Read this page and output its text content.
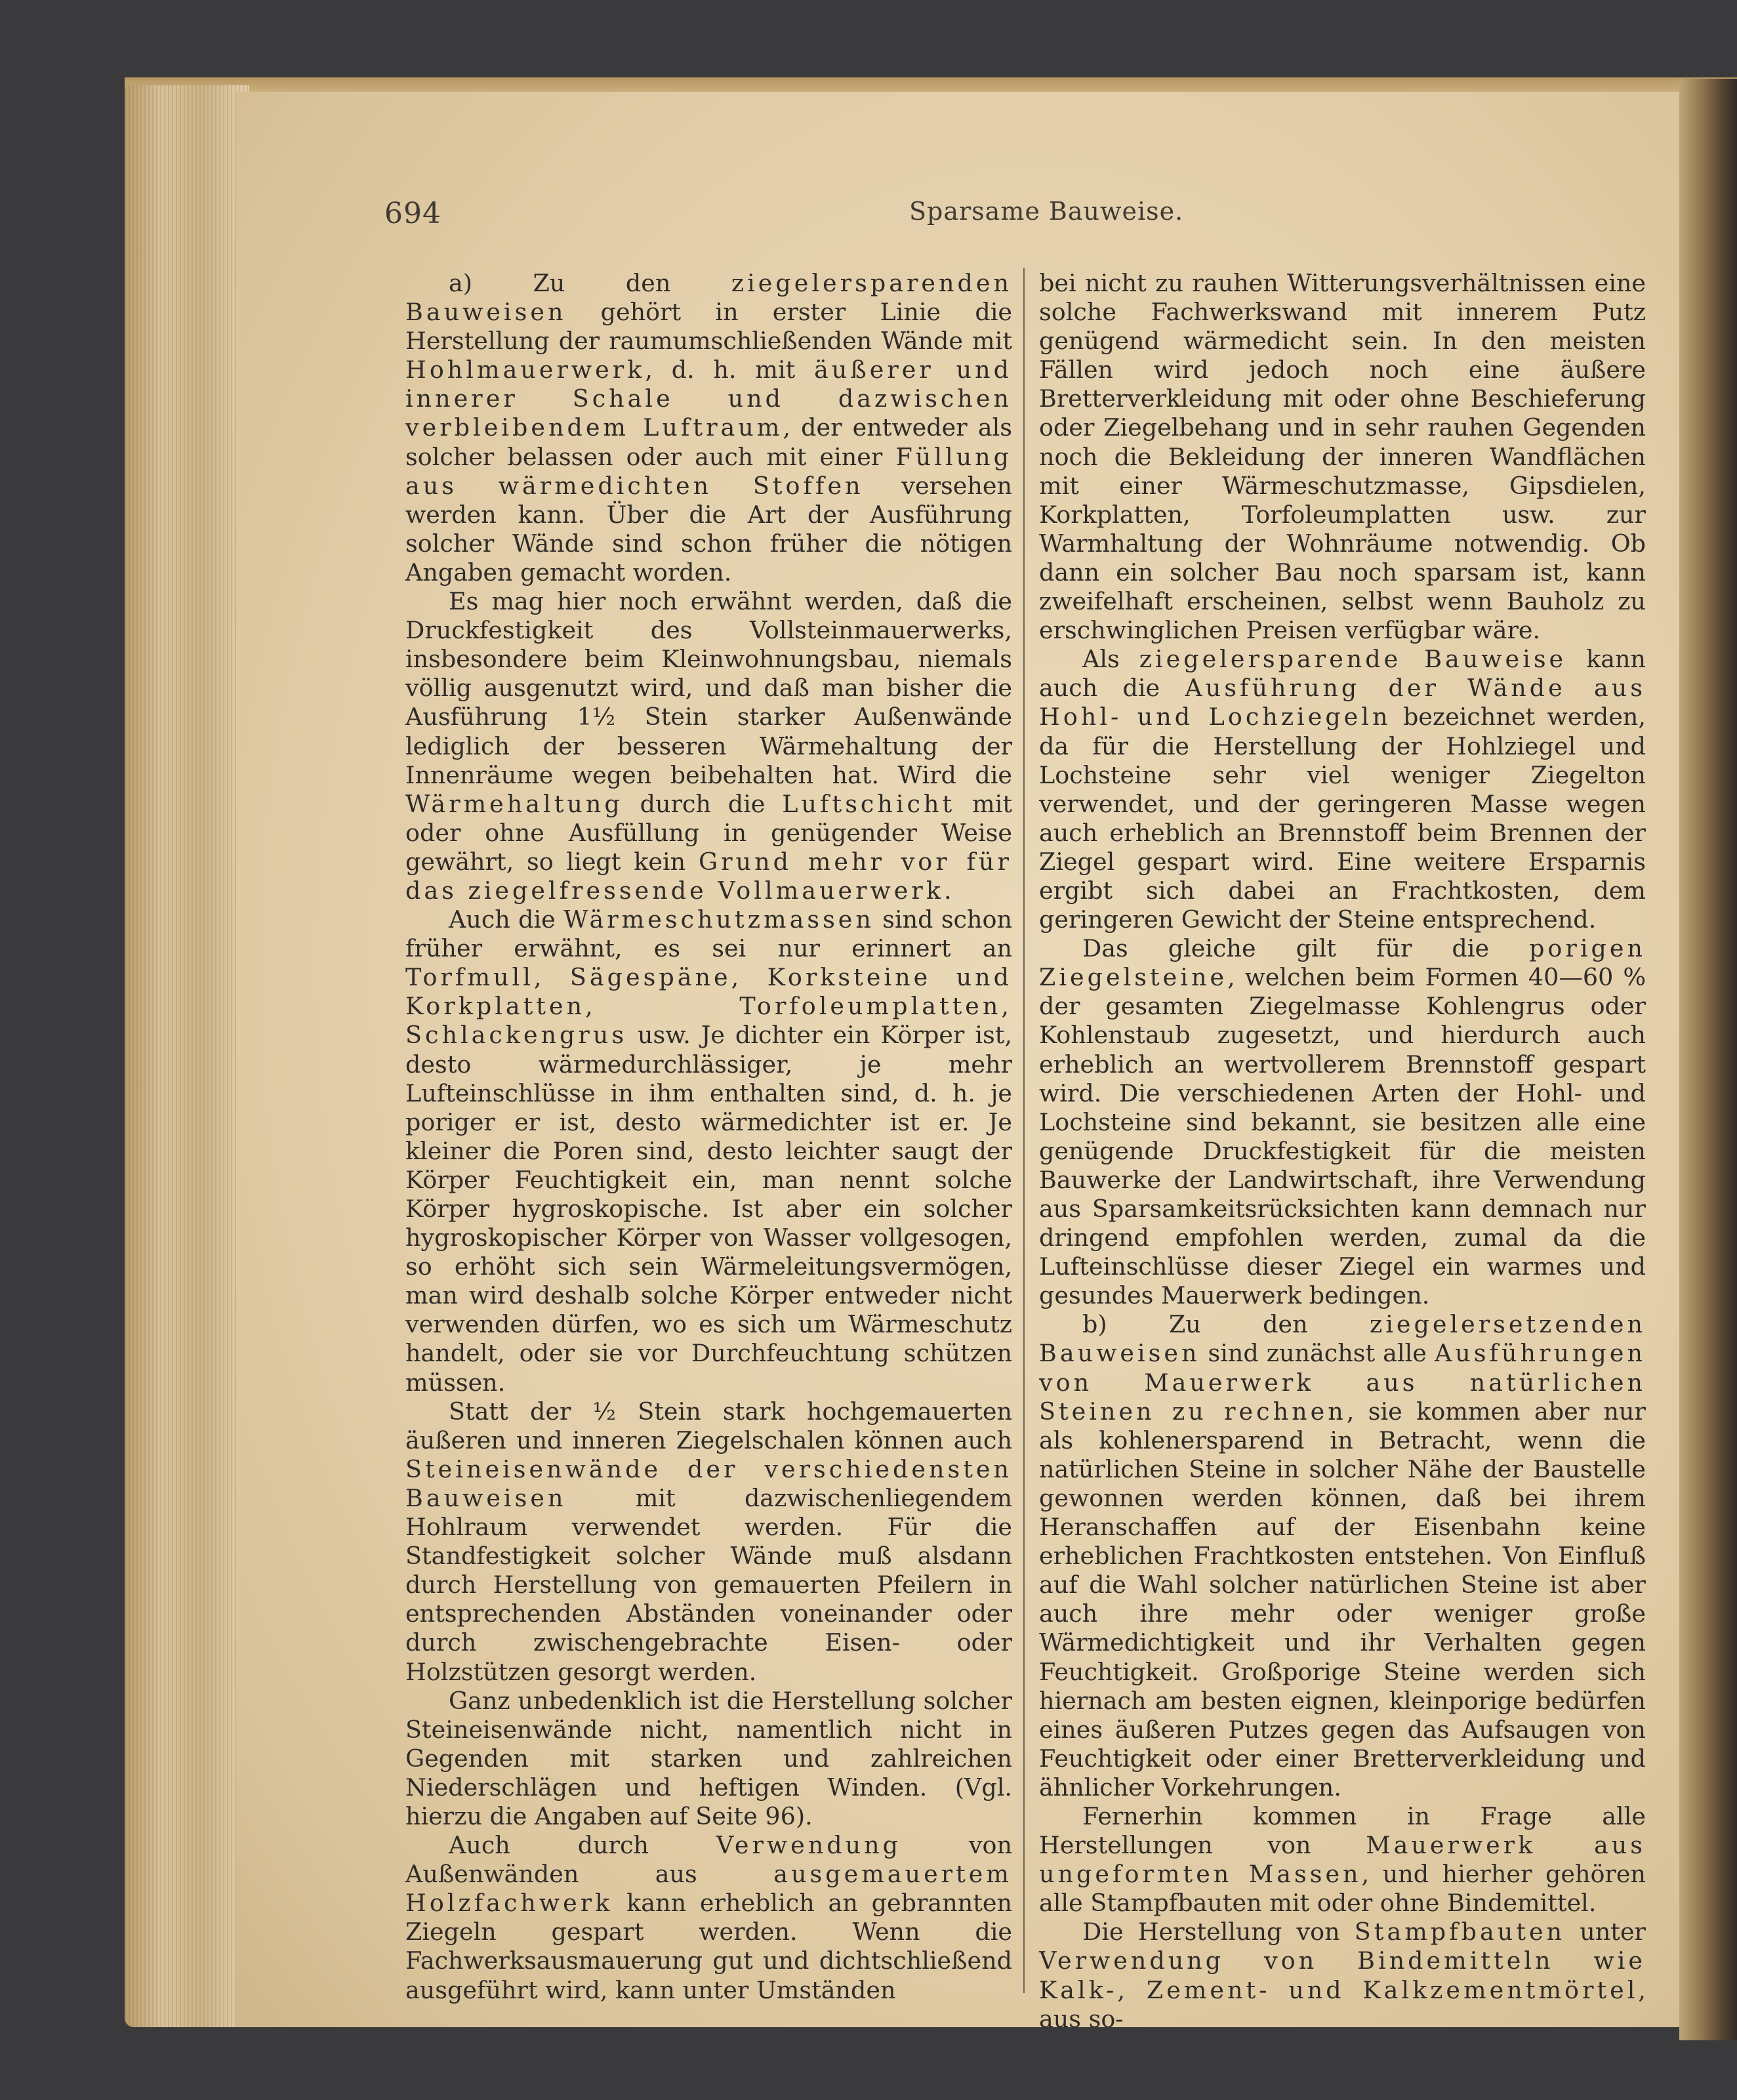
694	Sparsame Bauweise.

a) Zu den ziegelersparenden Bauweisen gehört in erster Linie die Herstellung der raumumschließenden Wände mit Hohlmauerwerk, d. h. mit äußerer und innerer Schale und dazwischen verbleibendem Luftraum, der entweder als solcher belassen oder auch mit einer Füllung aus wärmedichten Stoffen versehen werden kann. Über die Art der Ausführung solcher Wände sind schon früher die nötigen Angaben gemacht worden.

Es mag hier noch erwähnt werden, daß die Druckfestigkeit des Vollsteinmauerwerks, insbesondere beim Kleinwohnungsbau, niemals völlig ausgenutzt wird, und daß man bisher die Ausführung 1½ Stein starker Außenwände lediglich der besseren Wärmehaltung der Innenräume wegen beibehalten hat. Wird die Wärmehaltung durch die Luftschicht mit oder ohne Ausfüllung in genügender Weise gewährt, so liegt kein Grund mehr vor für das ziegelfressende Vollmauerwerk.

Auch die Wärmeschutzmassen sind schon früher erwähnt, es sei nur erinnert an Torfmull, Sägespäne, Korksteine und Korkplatten, Torfoleumplatten, Schlackengrus usw. Je dichter ein Körper ist, desto wärmedurchlässiger, je mehr Lufteinschlüsse in ihm enthalten sind, d. h. je poriger er ist, desto wärmedichter ist er. Je kleiner die Poren sind, desto leichter saugt der Körper Feuchtigkeit ein, man nennt solche Körper hygroskopische. Ist aber ein solcher hygroskopischer Körper von Wasser vollgesogen, so erhöht sich sein Wärmeleitungsvermögen, man wird deshalb solche Körper entweder nicht verwenden dürfen, wo es sich um Wärmeschutz handelt, oder sie vor Durchfeuchtung schützen müssen.

Statt der ½ Stein stark hochgemauerten äußeren und inneren Ziegelschalen können auch Steineisenwände der verschiedensten Bauweisen mit dazwischenliegendem Hohlraum verwendet werden. Für die Standfestigkeit solcher Wände muß alsdann durch Herstellung von gemauerten Pfeilern in entsprechenden Abständen voneinander oder durch zwischengebrachte Eisen- oder Holzstützen gesorgt werden.

Ganz unbedenklich ist die Herstellung solcher Steineisenwände nicht, namentlich nicht in Gegenden mit starken und zahlreichen Niederschlägen und heftigen Winden. (Vgl. hierzu die Angaben auf Seite 96).

Auch durch Verwendung von Außenwänden aus ausgemauertem Holzfachwerk kann erheblich an gebrannten Ziegeln gespart werden. Wenn die Fachwerksausmauerung gut und dichtschließend ausgeführt wird, kann unter Umständen

bei nicht zu rauhen Witterungsverhältnissen eine solche Fachwerkswand mit innerem Putz genügend wärmedicht sein. In den meisten Fällen wird jedoch noch eine äußere Bretterverkleidung mit oder ohne Beschieferung oder Ziegelbehang und in sehr rauhen Gegenden noch die Bekleidung der inneren Wandflächen mit einer Wärmeschutzmasse, Gipsdielen, Korkplatten, Torfoleumplatten usw. zur Warmhaltung der Wohnräume notwendig. Ob dann ein solcher Bau noch sparsam ist, kann zweifelhaft erscheinen, selbst wenn Bauholz zu erschwinglichen Preisen verfügbar wäre.

Als ziegelersparende Bauweise kann auch die Ausführung der Wände aus Hohl- und Lochziegeln bezeichnet werden, da für die Herstellung der Hohlziegel und Lochsteine sehr viel weniger Ziegelton verwendet, und der geringeren Masse wegen auch erheblich an Brennstoff beim Brennen der Ziegel gespart wird. Eine weitere Ersparnis ergibt sich dabei an Frachtkosten, dem geringeren Gewicht der Steine entsprechend.

Das gleiche gilt für die porigen Ziegelsteine, welchen beim Formen 40—60 % der gesamten Ziegelmasse Kohlengrus oder Kohlenstaub zugesetzt, und hierdurch auch erheblich an wertvollerem Brennstoff gespart wird. Die verschiedenen Arten der Hohl- und Lochsteine sind bekannt, sie besitzen alle eine genügende Druckfestigkeit für die meisten Bauwerke der Landwirtschaft, ihre Verwendung aus Sparsamkeitsrücksichten kann demnach nur dringend empfohlen werden, zumal da die Lufteinschlüsse dieser Ziegel ein warmes und gesundes Mauerwerk bedingen.

b) Zu den ziegelersetzenden Bauweisen sind zunächst alle Ausführungen von Mauerwerk aus natürlichen Steinen zu rechnen, sie kommen aber nur als kohlenersparend in Betracht, wenn die natürlichen Steine in solcher Nähe der Baustelle gewonnen werden können, daß bei ihrem Heranschaffen auf der Eisenbahn keine erheblichen Frachtkosten entstehen. Von Einfluß auf die Wahl solcher natürlichen Steine ist aber auch ihre mehr oder weniger große Wärmedichtigkeit und ihr Verhalten gegen Feuchtigkeit. Großporige Steine werden sich hiernach am besten eignen, kleinporige bedürfen eines äußeren Putzes gegen das Aufsaugen von Feuchtigkeit oder einer Bretterverkleidung und ähnlicher Vorkehrungen.

Fernerhin kommen in Frage alle Herstellungen von Mauerwerk aus ungeformten Massen, und hierher gehören alle Stampfbauten mit oder ohne Bindemittel.

Die Herstellung von Stampfbauten unter Verwendung von Bindemitteln wie Kalk-, Zement- und Kalkzementmörtel, aus so-
